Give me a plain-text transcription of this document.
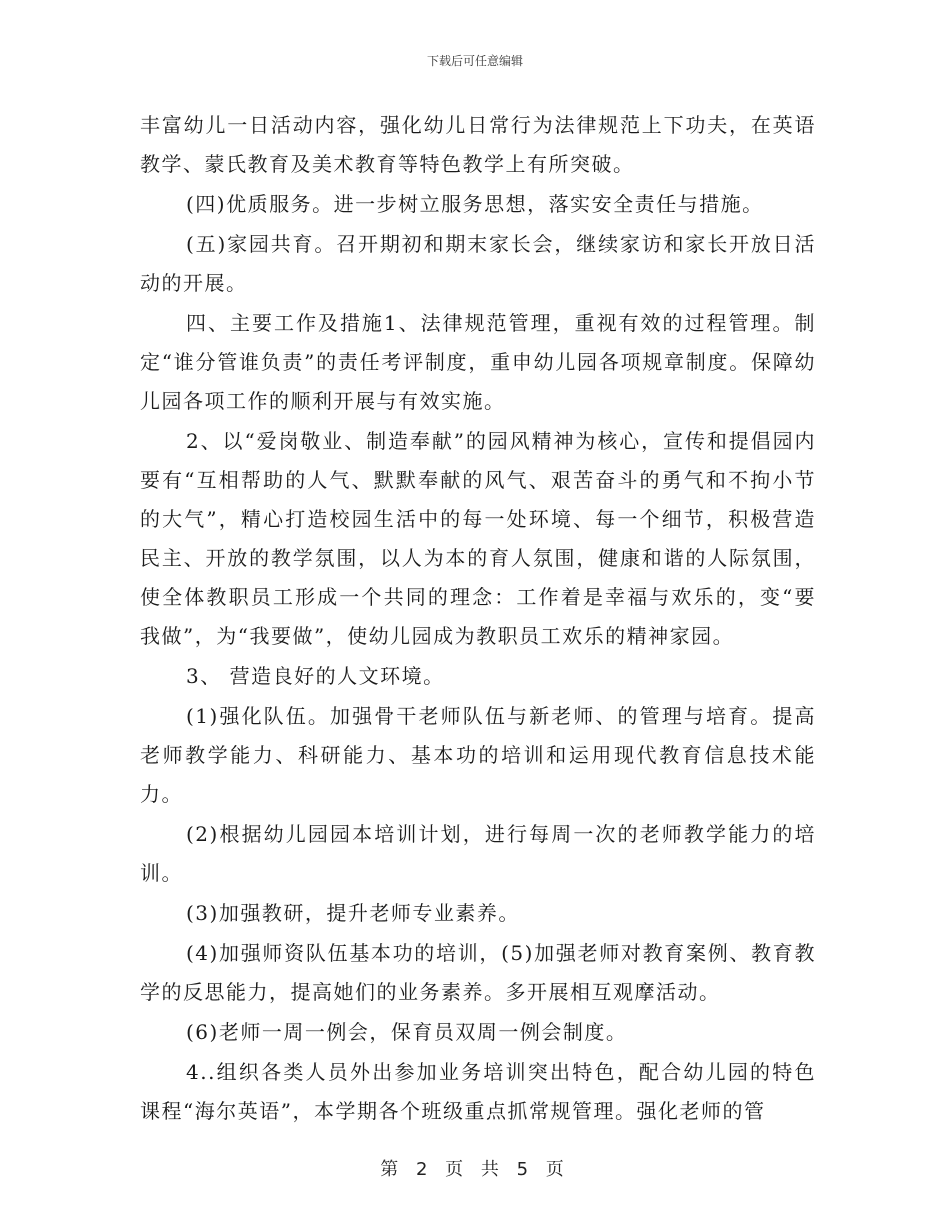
下载后可任意编辑

丰富幼儿一日活动内容，强化幼儿日常行为法律规范上下功夫，在英语教学、蒙氏教育及美术教育等特色教学上有所突破。

(四)优质服务。进一步树立服务思想，落实安全责任与措施。

(五)家园共育。召开期初和期末家长会，继续家访和家长开放日活动的开展。

四、主要工作及措施1、法律规范管理，重视有效的过程管理。制定“谁分管谁负责”的责任考评制度，重申幼儿园各项规章制度。保障幼儿园各项工作的顺利开展与有效实施。

2、以“爱岗敬业、制造奉献”的园风精神为核心，宣传和提倡园内要有“互相帮助的人气、默默奉献的风气、艰苦奋斗的勇气和不拘小节的大气”，精心打造校园生活中的每一处环境、每一个细节，积极营造民主、开放的教学氛围，以人为本的育人氛围，健康和谐的人际氛围，使全体教职员工形成一个共同的理念：工作着是幸福与欢乐的，变“要我做”，为“我要做”，使幼儿园成为教职员工欢乐的精神家园。

3、 营造良好的人文环境。

(1)强化队伍。加强骨干老师队伍与新老师、的管理与培育。提高老师教学能力、科研能力、基本功的培训和运用现代教育信息技术能力。

(2)根据幼儿园园本培训计划，进行每周一次的老师教学能力的培训。

(3)加强教研，提升老师专业素养。

(4)加强师资队伍基本功的培训，(5)加强老师对教育案例、教育教学的反思能力，提高她们的业务素养。多开展相互观摩活动。

(6)老师一周一例会，保育员双周一例会制度。

4..组织各类人员外出参加业务培训突出特色，配合幼儿园的特色课程“海尔英语”，本学期各个班级重点抓常规管理。强化老师的管

第 2 页 共 5 页
